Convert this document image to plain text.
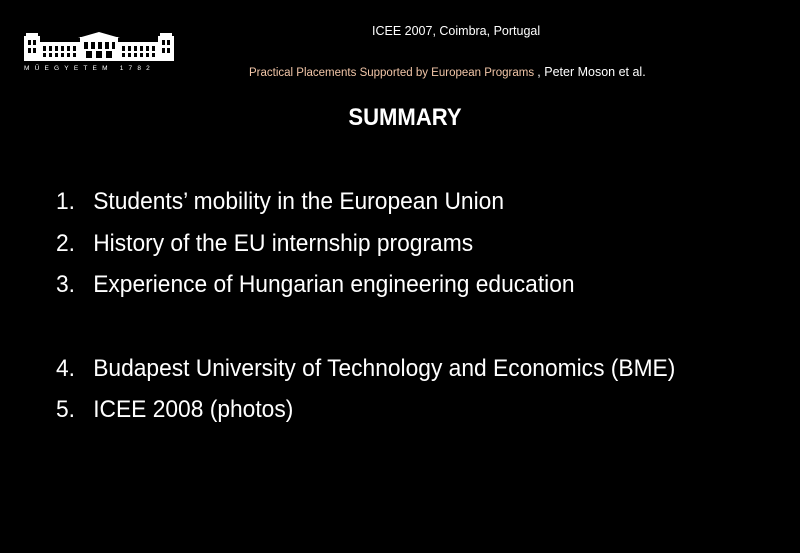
MŰEGYETEM 1782
ICEE 2007, Coimbra, Portugal
Practical Placements Supported by European Programs , Peter Moson et al.
SUMMARY
1. Students’ mobility in the European Union
2. History of the EU internship programs
3. Experience of Hungarian engineering education
4. Budapest University of Technology and Economics (BME)
5. ICEE 2008 (photos)
